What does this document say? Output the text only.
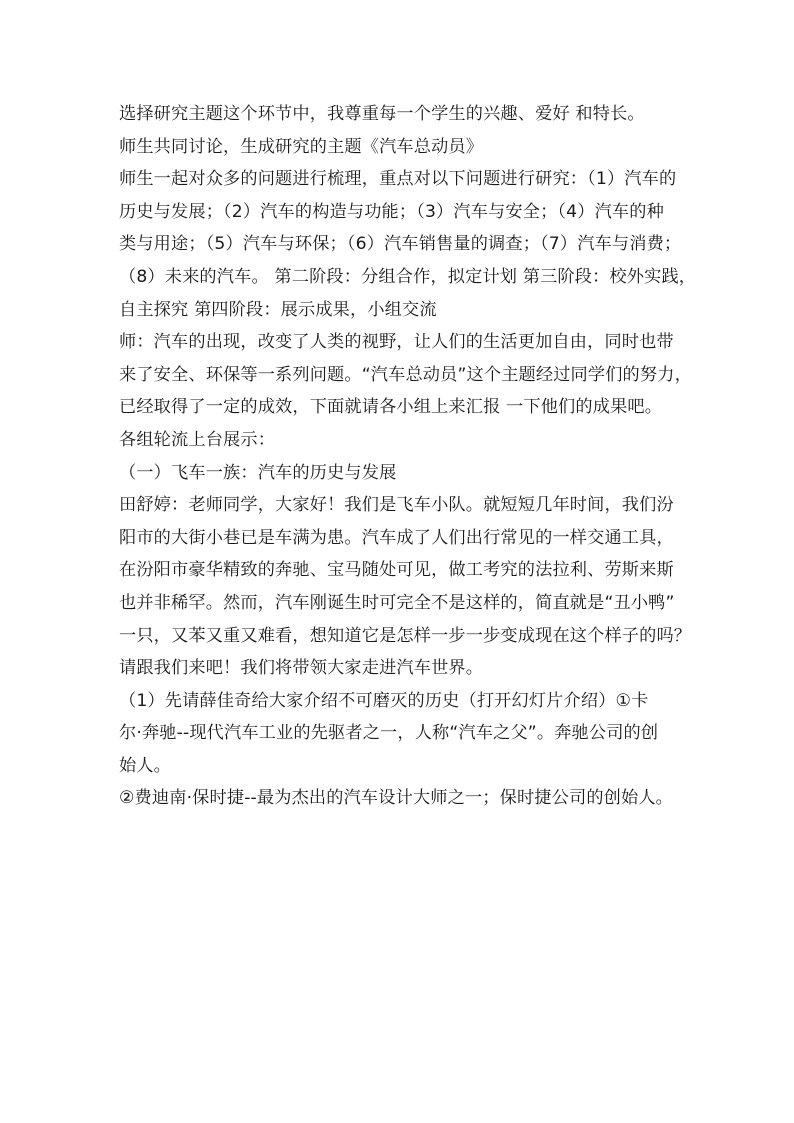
选择研究主题这个环节中，我尊重每一个学生的兴趣、爱好 和特长。
师生共同讨论，生成研究的主题《汽车总动员》
师生一起对众多的问题进行梳理，重点对以下问题进行研究：（1）汽车的
历史与发展；（2）汽车的构造与功能；（3）汽车与安全；（4）汽车的种
类与用途；（5）汽车与环保；（6）汽车销售量的调查；（7）汽车与消费；
（8）未来的汽车。 第二阶段：分组合作，拟定计划 第三阶段：校外实践，
自主探究 第四阶段：展示成果，小组交流
师：汽车的出现，改变了人类的视野，让人们的生活更加自由，同时也带
来了安全、环保等一系列问题。“汽车总动员”这个主题经过同学们的努力，
已经取得了一定的成效，下面就请各小组上来汇报 一下他们的成果吧。
各组轮流上台展示：
（一）飞车一族：汽车的历史与发展
田舒婷：老师同学，大家好！我们是飞车小队。就短短几年时间，我们汾
阳市的大街小巷已是车满为患。汽车成了人们出行常见的一样交通工具，
在汾阳市豪华精致的奔驰、宝马随处可见，做工考究的法拉利、劳斯来斯
也并非稀罕。然而，汽车刚诞生时可完全不是这样的，简直就是“丑小鸭”
一只，又苯又重又难看，想知道它是怎样一步一步变成现在这个样子的吗？
请跟我们来吧！我们将带领大家走进汽车世界。
（1）先请薛佳奇给大家介绍不可磨灭的历史（打开幻灯片介绍）①卡
尔·奔驰--现代汽车工业的先驱者之一，人称“汽车之父”。奔驰公司的创
始人。
②费迪南·保时捷--最为杰出的汽车设计大师之一；保时捷公司的创始人。
